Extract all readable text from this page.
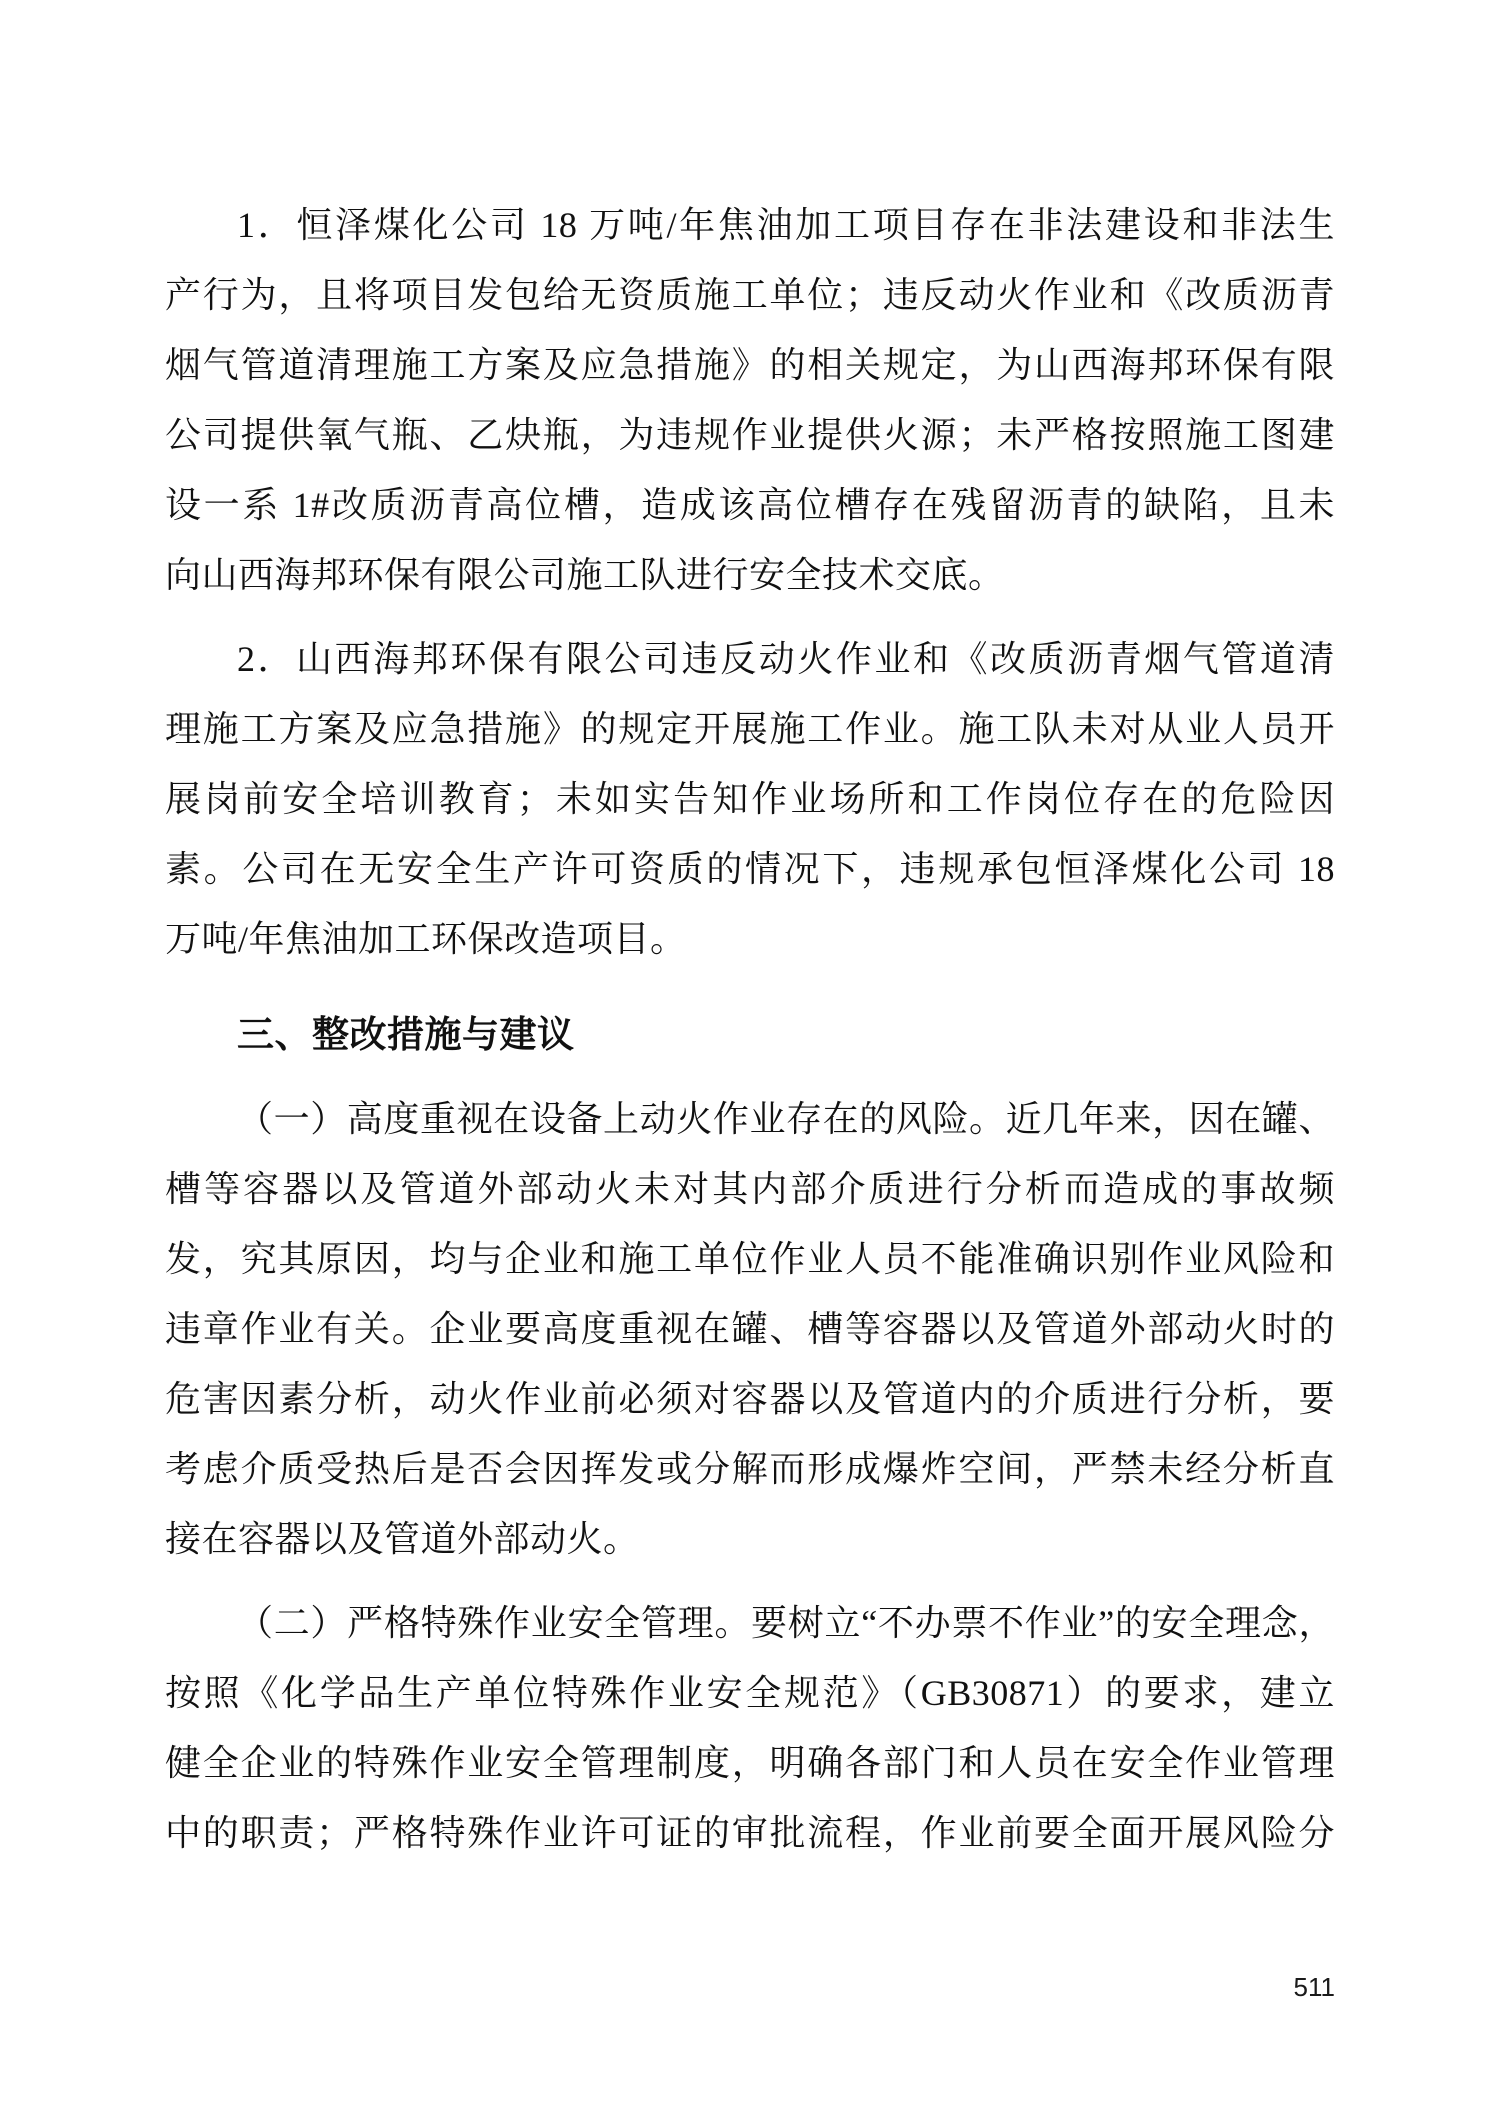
1．恒泽煤化公司 18 万吨/年焦油加工项目存在非法建设和非法生
产行为，且将项目发包给无资质施工单位；违反动火作业和《改质沥青
烟气管道清理施工方案及应急措施》的相关规定，为山西海邦环保有限
公司提供氧气瓶、乙炔瓶，为违规作业提供火源；未严格按照施工图建
设一系 1#改质沥青高位槽，造成该高位槽存在残留沥青的缺陷，且未
向山西海邦环保有限公司施工队进行安全技术交底。
2．山西海邦环保有限公司违反动火作业和《改质沥青烟气管道清
理施工方案及应急措施》的规定开展施工作业。施工队未对从业人员开
展岗前安全培训教育；未如实告知作业场所和工作岗位存在的危险因
素。公司在无安全生产许可资质的情况下，违规承包恒泽煤化公司 18
万吨/年焦油加工环保改造项目。
三、整改措施与建议
（一）高度重视在设备上动火作业存在的风险。近几年来，因在罐、
槽等容器以及管道外部动火未对其内部介质进行分析而造成的事故频
发，究其原因，均与企业和施工单位作业人员不能准确识别作业风险和
违章作业有关。企业要高度重视在罐、槽等容器以及管道外部动火时的
危害因素分析，动火作业前必须对容器以及管道内的介质进行分析，要
考虑介质受热后是否会因挥发或分解而形成爆炸空间，严禁未经分析直
接在容器以及管道外部动火。
（二）严格特殊作业安全管理。要树立“不办票不作业”的安全理念，
按照《化学品生产单位特殊作业安全规范》（GB30871）的要求，建立
健全企业的特殊作业安全管理制度，明确各部门和人员在安全作业管理
中的职责；严格特殊作业许可证的审批流程，作业前要全面开展风险分
511
